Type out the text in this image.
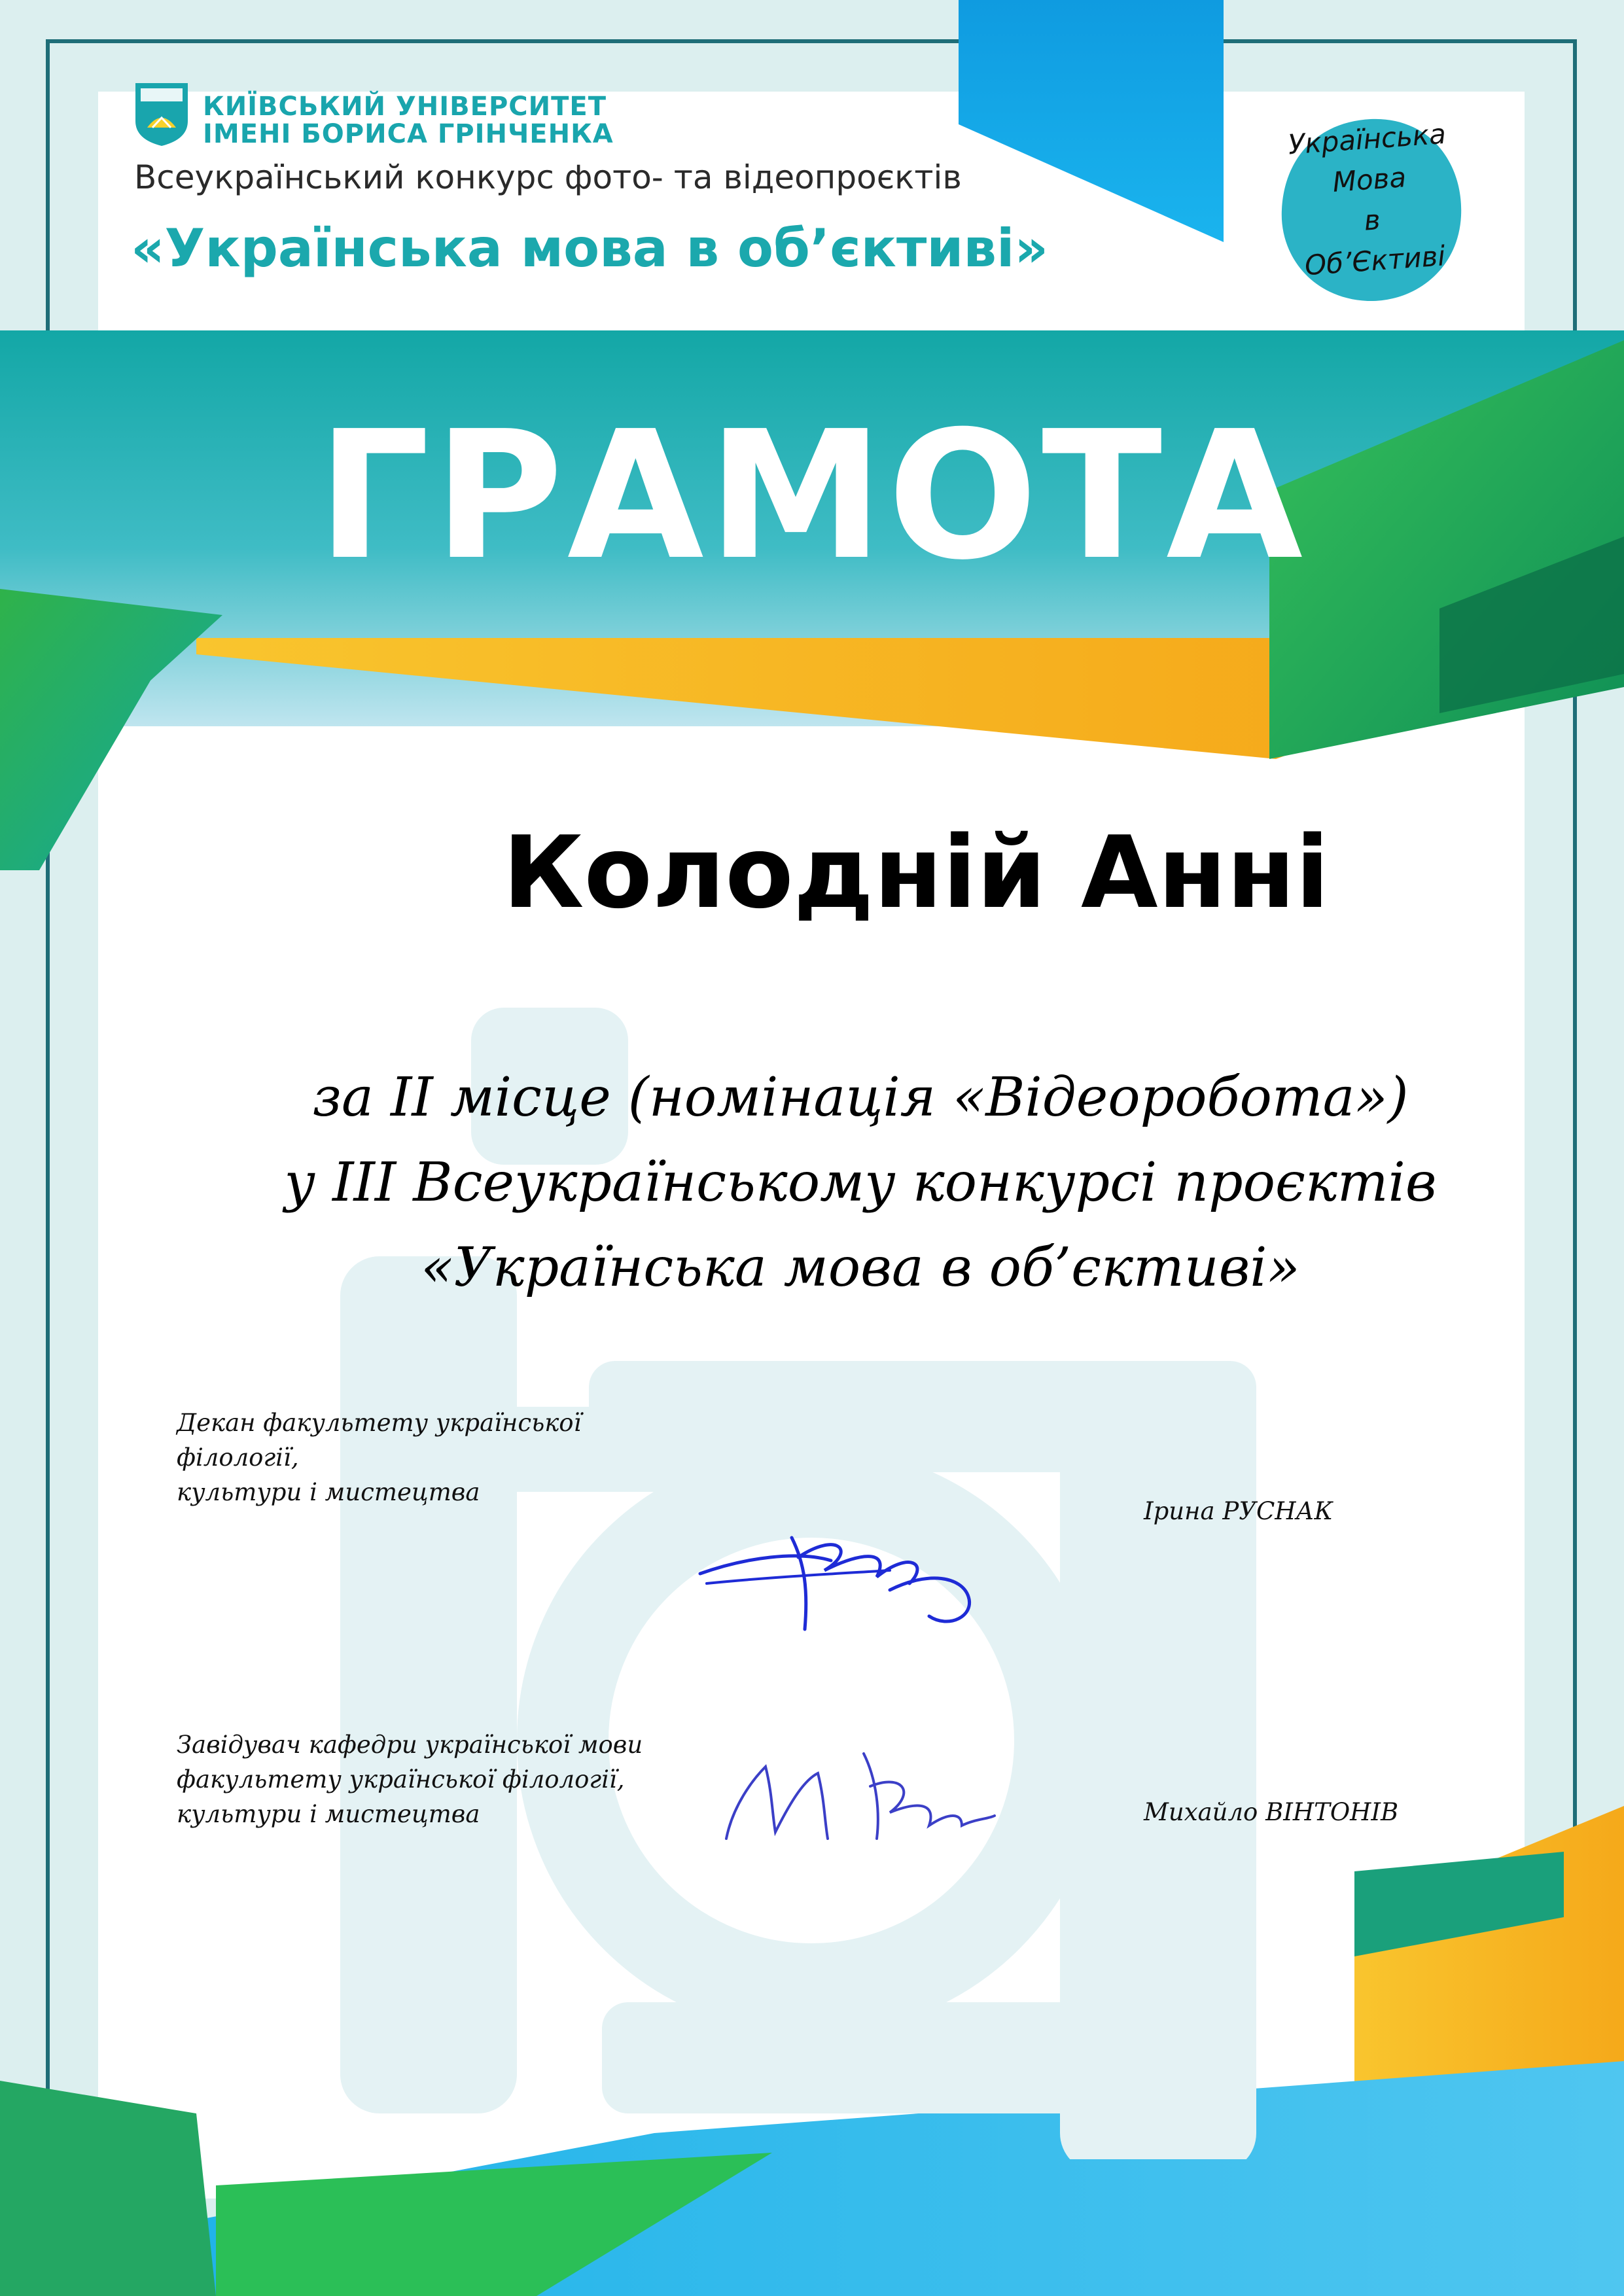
КИЇВСЬКИЙ УНІВЕРСИТЕТ
ІМЕНІ БОРИСА ГРІНЧЕНКА
Всеукраїнський конкурс фото- та відеопроєктів
«Українська мова в об’єктиві»
Українська
Мова
в
Об’Єктиві
ГРАМОТА
Колодній Анні
за ІІ місце (номінація «Відеоробота»)
у ІІІ Всеукраїнському конкурсі проєктів
«Українська мова в об’єктиві»
Декан факультету української
філології,
культури і мистецтва
Ірина РУСНАК
Завідувач кафедри української мови
факультету української філології,
культури і мистецтва	Михайло ВІНТОНІВ
